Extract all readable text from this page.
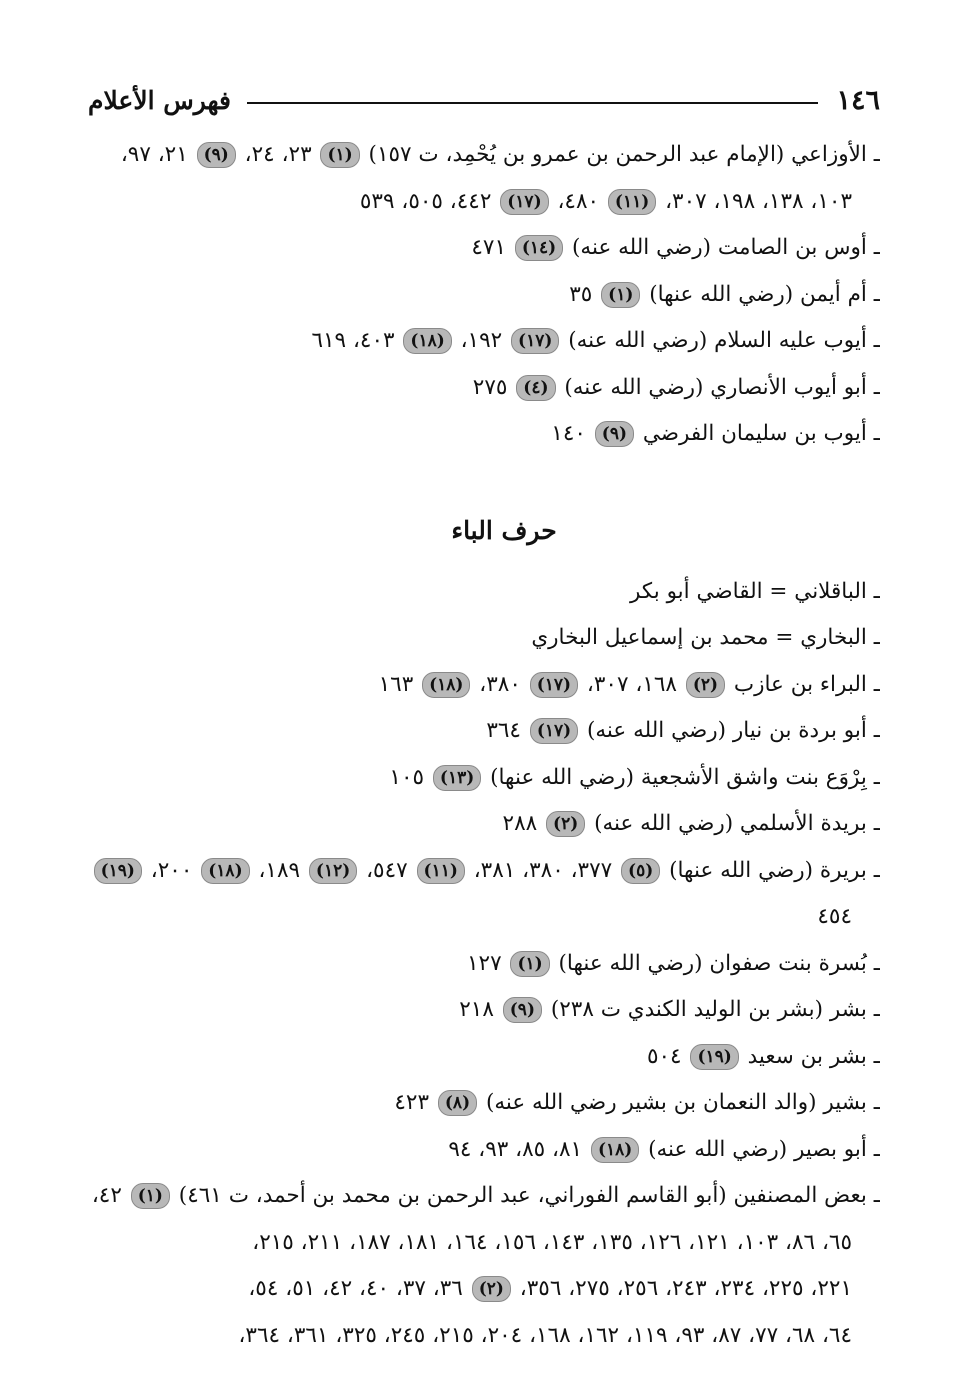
١٤٦
فهرس الأعلام
ـ الأوزاعي (الإمام عبد الرحمن بن عمرو بن يُحْمِد، ت ١٥٧) (١) ٢٣، ٢٤، (٩) ٢١، ٩٧،
١٠٣، ١٣٨، ١٩٨، ٣٠٧، (١١) ٤٨٠، (١٧) ٤٤٢، ٥٠٥، ٥٣٩
ـ أوس بن الصامت (رضي الله عنه) (١٤) ٤٧١
ـ أم أيمن (رضي الله عنها) (١) ٣٥
ـ أيوب عليه السلام (رضي الله عنه) (١٧) ١٩٢، (١٨) ٤٠٣، ٦١٩
ـ أبو أيوب الأنصاري (رضي الله عنه) (٤) ٢٧٥
ـ أيوب بن سليمان الفرضي (٩) ١٤٠
حرف الباء
ـ الباقلاني = القاضي أبو بكر
ـ البخاري = محمد بن إسماعيل البخاري
ـ البراء بن عازب (٢) ١٦٨، ٣٠٧، (١٧) ٣٨٠، (١٨) ١٦٣
ـ أبو بردة بن نيار (رضي الله عنه) (١٧) ٣٦٤
ـ بِرْوَع بنت واشق الأشجعية (رضي الله عنها) (١٣) ١٠٥
ـ بريدة الأسلمي (رضي الله عنه) (٢) ٢٨٨
ـ بريرة (رضي الله عنها) (٥) ٣٧٧، ٣٨٠، ٣٨١، (١١) ٥٤٧، (١٢) ١٨٩، (١٨) ٢٠٠، (١٩)
٤٥٤
ـ بُسرة بنت صفوان (رضي الله عنها) (١) ١٢٧
ـ بشر (بشر بن الوليد الكندي ت ٢٣٨) (٩) ٢١٨
ـ بشر بن سعيد (١٩) ٥٠٤
ـ بشير (والد النعمان بن بشير رضي الله عنه) (٨) ٤٢٣
ـ أبو بصير (رضي الله عنه) (١٨) ٨١، ٨٥، ٩٣، ٩٤
ـ بعض المصنفين (أبو القاسم الفوراني، عبد الرحمن بن محمد بن أحمد، ت ٤٦١) (١) ٤٢،
٦٥، ٨٦، ١٠٣، ١٢١، ١٢٦، ١٣٥، ١٤٣، ١٥٦، ١٦٤، ١٨١، ١٨٧، ٢١١، ٢١٥،
٢٢١، ٢٢٥، ٢٣٤، ٢٤٣، ٢٥٦، ٢٧٥، ٣٥٦، (٢) ٣٦، ٣٧، ٤٠، ٤٢، ٥١، ٥٤،
٦٤، ٦٨، ٧٧، ٨٧، ٩٣، ١١٩، ١٦٢، ١٦٨، ٢٠٤، ٢١٥، ٢٤٥، ٣٢٥، ٣٦١، ٣٦٤،
